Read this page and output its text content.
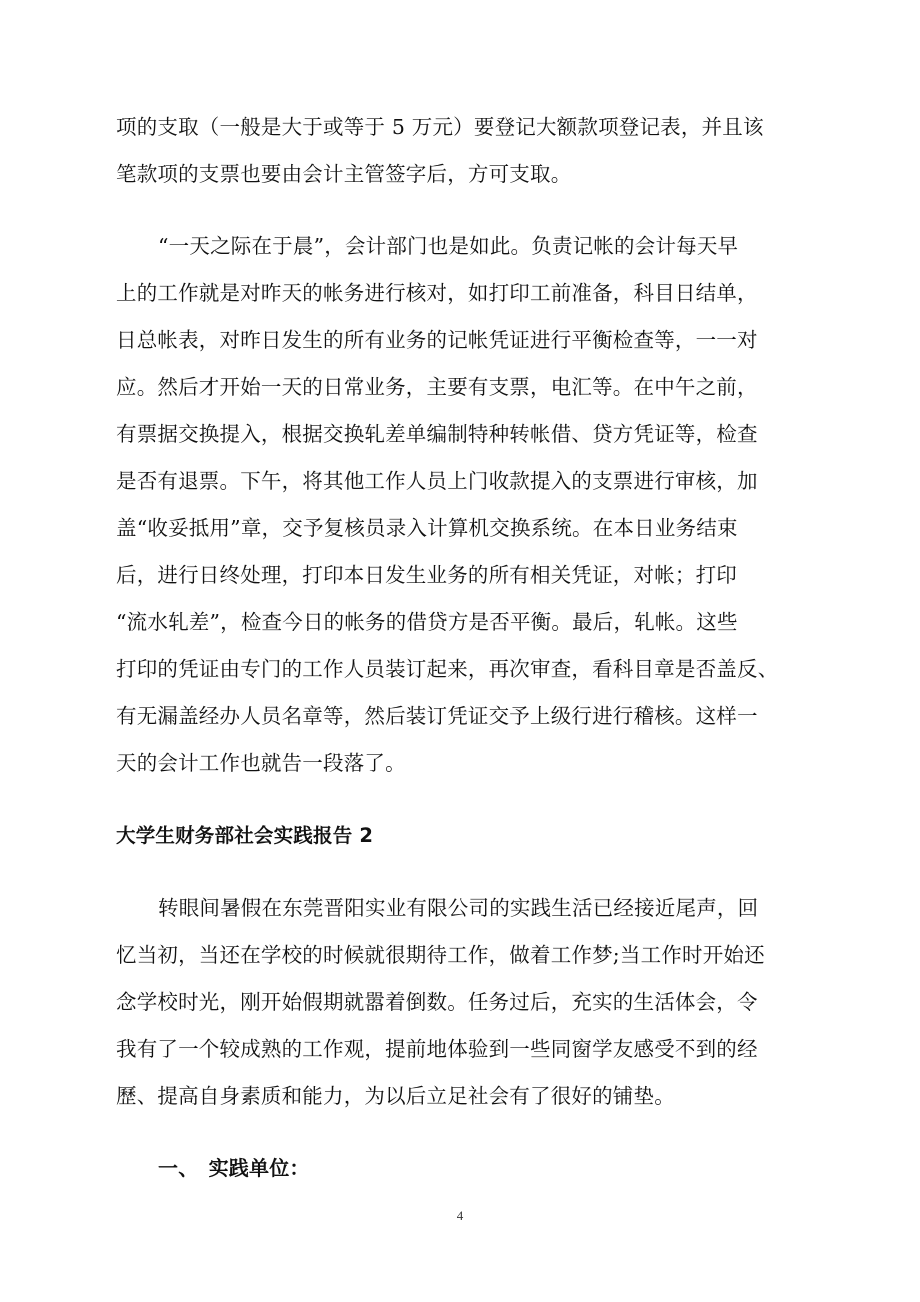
项的支取（一般是大于或等于 5 万元）要登记大额款项登记表，并且该
笔款项的支票也要由会计主管签字后，方可支取。
“一天之际在于晨”，会计部门也是如此。负责记帐的会计每天早
上的工作就是对昨天的帐务进行核对，如打印工前准备，科目日结单，
日总帐表，对昨日发生的所有业务的记帐凭证进行平衡检查等，一一对
应。然后才开始一天的日常业务，主要有支票，电汇等。在中午之前，
有票据交换提入，根据交换轧差单编制特种转帐借、贷方凭证等，检查
是否有退票。下午，将其他工作人员上门收款提入的支票进行审核，加
盖“收妥抵用”章，交予复核员录入计算机交换系统。在本日业务结束
后，进行日终处理，打印本日发生业务的所有相关凭证，对帐；打印
“流水轧差”，检查今日的帐务的借贷方是否平衡。最后，轧帐。这些
打印的凭证由专门的工作人员装订起来，再次审查，看科目章是否盖反、
有无漏盖经办人员名章等，然后装订凭证交予上级行进行稽核。这样一
天的会计工作也就告一段落了。
大学生财务部社会实践报告 2
转眼间暑假在东莞晋阳实业有限公司的实践生活已经接近尾声，回
忆当初，当还在学校的时候就很期待工作，做着工作梦;当工作时开始还
念学校时光，刚开始假期就嚣着倒数。任务过后，充实的生活体会，令
我有了一个较成熟的工作观，提前地体验到一些同窗学友感受不到的经
歷、提高自身素质和能力，为以后立足社会有了很好的铺垫。
一、　实践单位：
4
